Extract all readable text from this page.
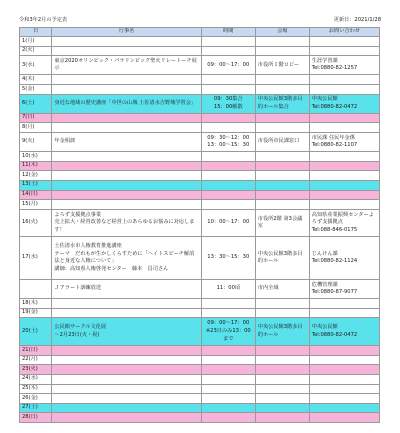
令和3年2月の予定表	更新日：2021/1/28
日	行事名	時間	会場	お問い合わせ
1(月)				
2(火)				
3(水)	東京2020オリンピック・パラリンピック聖火リレートーチ展示	09：00～17：00	市役所１階ロビー	生涯学習課
Tel:0880-82-1257
4(木)				
5(金)				
6(土)	身近な地域の歴史講座「中世の山城 土佐清水吉野城学習会」	09：30集合
15：00解散	中央公民館3階多目的ホール集合	中央公民館
Tel:0880-82-0472
7(日)				
8(月)				
9(火)	年金相談	09：30～12：00
13：00～15：30	市役所市民課窓口	市民課 住民年金係
Tel:0880-82-1107
10(水)				
11(木)				
12(金)				
13(土)				
14(日)				
15(月)				
16(火)	よろず支援拠点事業
売上拡大・経営改善など経営上のあらゆるお悩みに対応します！	10：00～17：00	市役所2階 第3会議室	高知県産業振興センターよろず支援拠点
Tel:088-846-0175
17(水)	土佐清水市人権教育推進講座
テーマ　だれもが生かしくらすために「ヘイトスピーチ解消法と身近な人権について」
講師：高知県人権啓発センター　藤本　昌司さん	13：30～15：30	中央公民館3階多目的ホール	じんけん課
Tel:0880-82-1124
	Ｊアラート訓練放送	11：00頃	市内全域	危機管理課
Tel:0880-87-9077
18(木)				
19(金)				
20(土)	公民館サークル文化展
～2月23日(火・祝)	09：00～17：00
※23日のみ13：00まで	中央公民館3階多目的ホール	中央公民館
Tel:0880-82-0472
21(日)				
22(月)				
23(火)				
24(水)				
25(木)				
26(金)				
27(土)				
28(日)				
